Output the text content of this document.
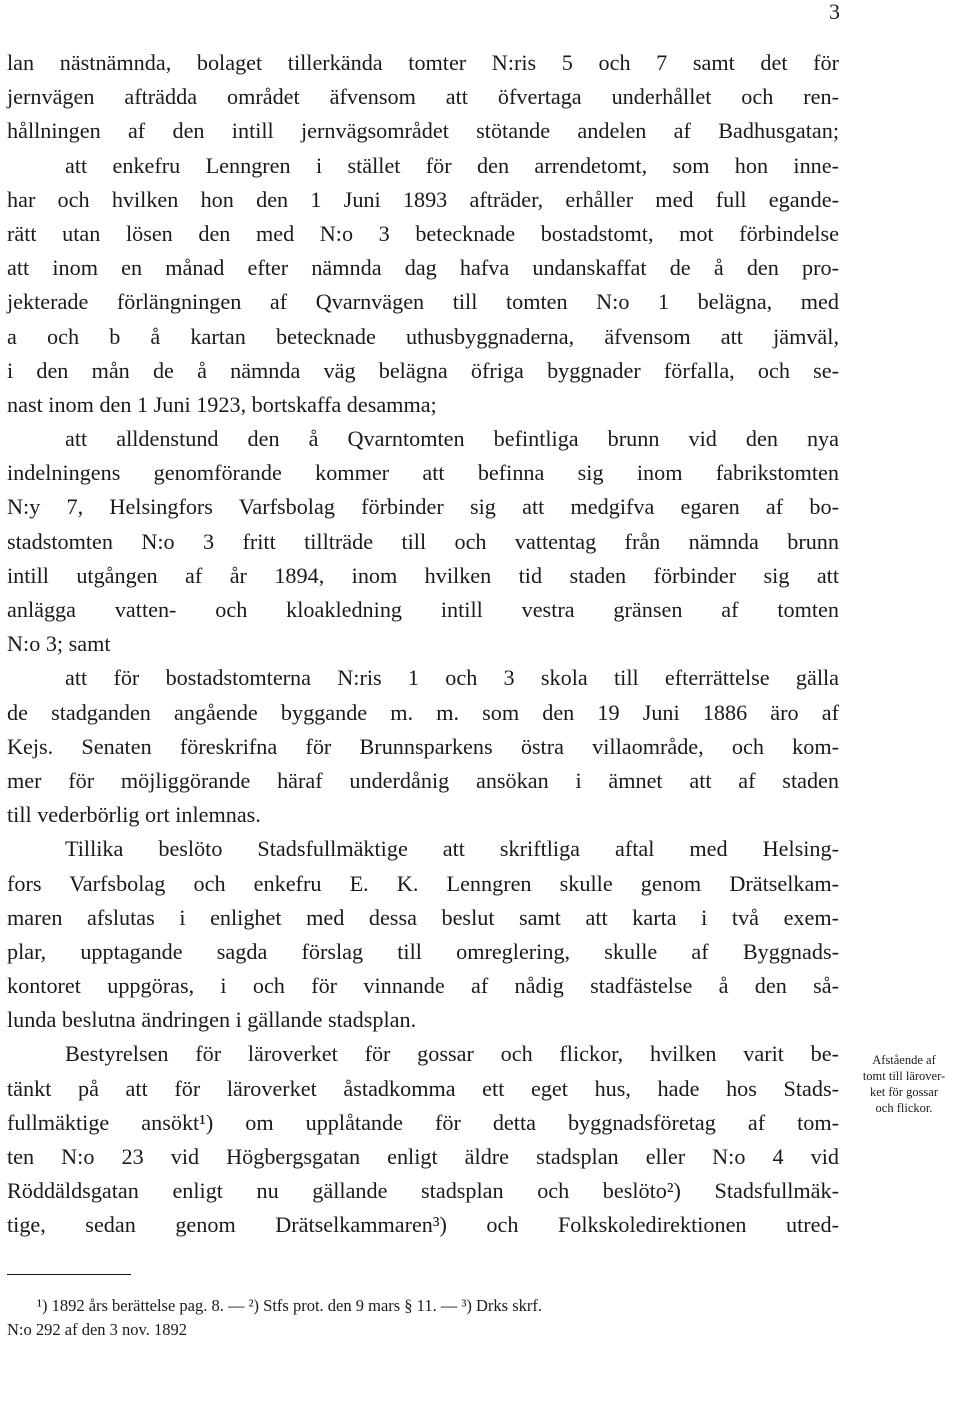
3
lan nästnämnda, bolaget tillerkända tomter N:ris 5 och 7 samt det för
jernvägen afträdda området äfvensom att öfvertaga underhållet och ren-
hållningen af den intill jernvägsområdet stötande andelen af Badhusgatan;
att enkefru Lenngren i stället för den arrendetomt, som hon inne-
har och hvilken hon den 1 Juni 1893 afträder, erhåller med full egande-
rätt utan lösen den med N:o 3 betecknade bostadstomt, mot förbindelse
att inom en månad efter nämnda dag hafva undanskaffat de å den pro-
jekterade förlängningen af Qvarnvägen till tomten N:o 1 belägna, med
a och b å kartan betecknade uthusbyggnaderna, äfvensom att jämväl,
i den mån de å nämnda väg belägna öfriga byggnader förfalla, och se-
nast inom den 1 Juni 1923, bortskaffa desamma;
att alldenstund den å Qvarntomten befintliga brunn vid den nya
indelningens genomförande kommer att befinna sig inom fabrikstomten
N:y 7, Helsingfors Varfsbolag förbinder sig att medgifva egaren af bo-
stadstomten N:o 3 fritt tillträde till och vattentag från nämnda brunn
intill utgången af år 1894, inom hvilken tid staden förbinder sig att
anlägga vatten- och kloakledning intill vestra gränsen af tomten
N:o 3; samt
att för bostadstomterna N:ris 1 och 3 skola till efterrättelse gälla
de stadganden angående byggande m. m. som den 19 Juni 1886 äro af
Kejs. Senaten föreskrifna för Brunnsparkens östra villaområde, och kom-
mer för möjliggörande häraf underdånig ansökan i ämnet att af staden
till vederbörlig ort inlemnas.
Tillika beslöto Stadsfullmäktige att skriftliga aftal med Helsing-
fors Varfsbolag och enkefru E. K. Lenngren skulle genom Drätselkam-
maren afslutas i enlighet med dessa beslut samt att karta i två exem-
plar, upptagande sagda förslag till omreglering, skulle af Byggnads-
kontoret uppgöras, i och för vinnande af nådig stadfästelse å den så-
lunda beslutna ändringen i gällande stadsplan.
Bestyrelsen för läroverket för gossar och flickor, hvilken varit be-
tänkt på att för läroverket åstadkomma ett eget hus, hade hos Stads-
fullmäktige ansökt¹) om upplåtande för detta byggnadsföretag af tom-
ten N:o 23 vid Högbergsgatan enligt äldre stadsplan eller N:o 4 vid
Röddäldsgatan enligt nu gällande stadsplan och beslöto²) Stadsfullmäk-
tige, sedan genom Drätselkammaren³) och Folkskoledirektionen utred-
Afstående af
tomt till lärover-
ket för gossar
och flickor.
¹) 1892 års berättelse pag. 8. — ²) Stfs prot. den 9 mars § 11. — ³) Drks skrf.
N:o 292 af den 3 nov. 1892
